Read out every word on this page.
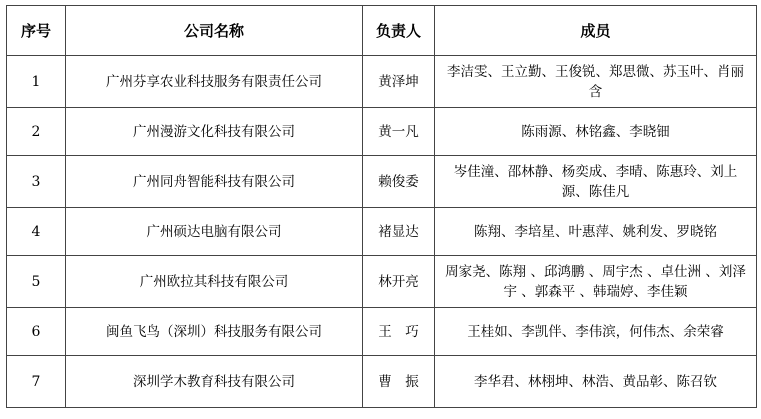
序号	公司名称	负责人	成员
1	广州芬享农业科技服务有限责任公司	黄泽坤	李洁雯、王立勤、王俊锐、郑思微、苏玉叶、肖丽含
2	广州漫游文化科技有限公司	黄一凡	陈雨源、林铭鑫、李晓钿
3	广州同舟智能科技有限公司	赖俊委	岑佳潼、邵林静、杨奕成、李晴、陈惠玲、刘上源、陈佳凡
4	广州硕达电脑有限公司	褚显达	陈翔、李培星、叶惠萍、姚利发、罗晓铭
5	广州欧拉其科技有限公司	林开亮	周家尧、陈翔 、邱鸿鹏 、周宇杰 、卓仕洲 、刘泽宇 、郭森平 、韩瑞婷、李佳颖
6	闽鱼飞鸟（深圳）科技服务有限公司	王　巧	王桂如、李凯伴、李伟滨，何伟杰、余荣睿
7	深圳学木教育科技有限公司	曹　振	李华君、林栩坤、林浩、黄品彰、陈召钦
